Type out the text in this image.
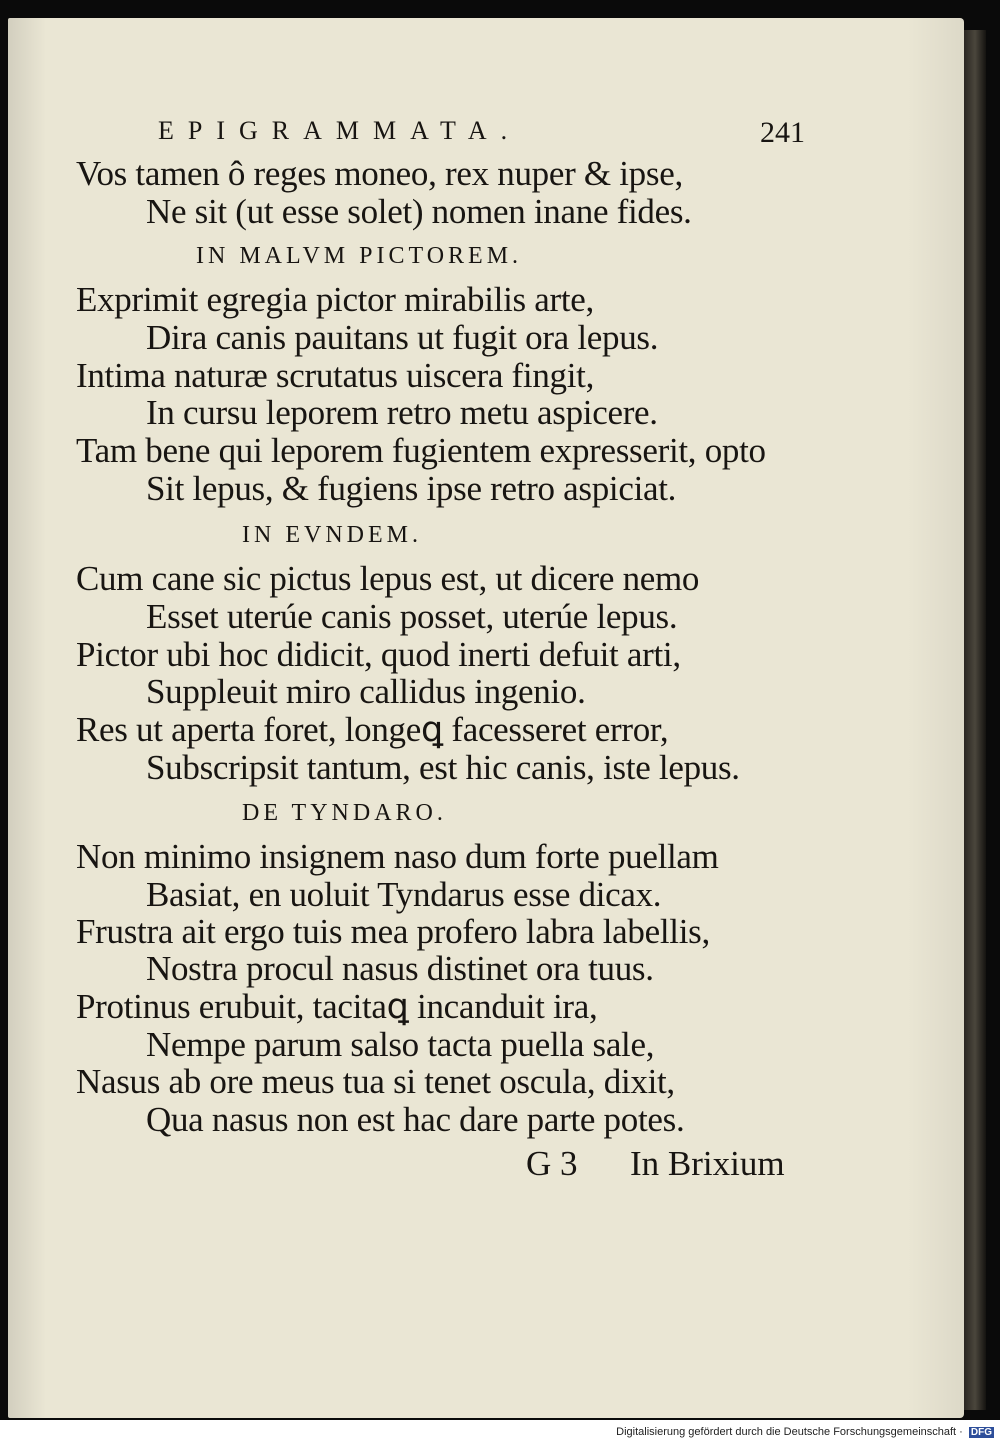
EPIGRAMMATA.	241
Vos tamen ô reges moneo, rex nuper & ipse,
Ne sit (ut esse solet) nomen inane fides.
IN MALVM PICTOREM.
Exprimit egregia pictor mirabilis arte,
Dira canis pauitans ut fugit ora lepus.
Intima naturæ scrutatus uiscera fingit,
In cursu leporem retro metu aspicere.
Tam bene qui leporem fugientem expresserit, opto
Sit lepus, & fugiens ipse retro aspiciat.
IN EVNDEM.
Cum cane sic pictus lepus est, ut dicere nemo
Esset uterúe canis posset, uterúe lepus.
Pictor ubi hoc didicit, quod inerti defuit arti,
Suppleuit miro callidus ingenio.
Res ut aperta foret, longeꝗ facesseret error,
Subscripsit tantum, est hic canis, iste lepus.
DE TYNDARO.
Non minimo insignem naso dum forte puellam
Basiat, en uoluit Tyndarus esse dicax.
Frustra ait ergo tuis mea profero labra labellis,
Nostra procul nasus distinet ora tuus.
Protinus erubuit, tacitaꝗ incanduit ira,
Nempe parum salso tacta puella sale,
Nasus ab ore meus tua si tenet oscula, dixit,
Qua nasus non est hac dare parte potes.
G 3 In Brixium
Digitalisierung gefördert durch die Deutsche Forschungsgemeinschaft · DFG
